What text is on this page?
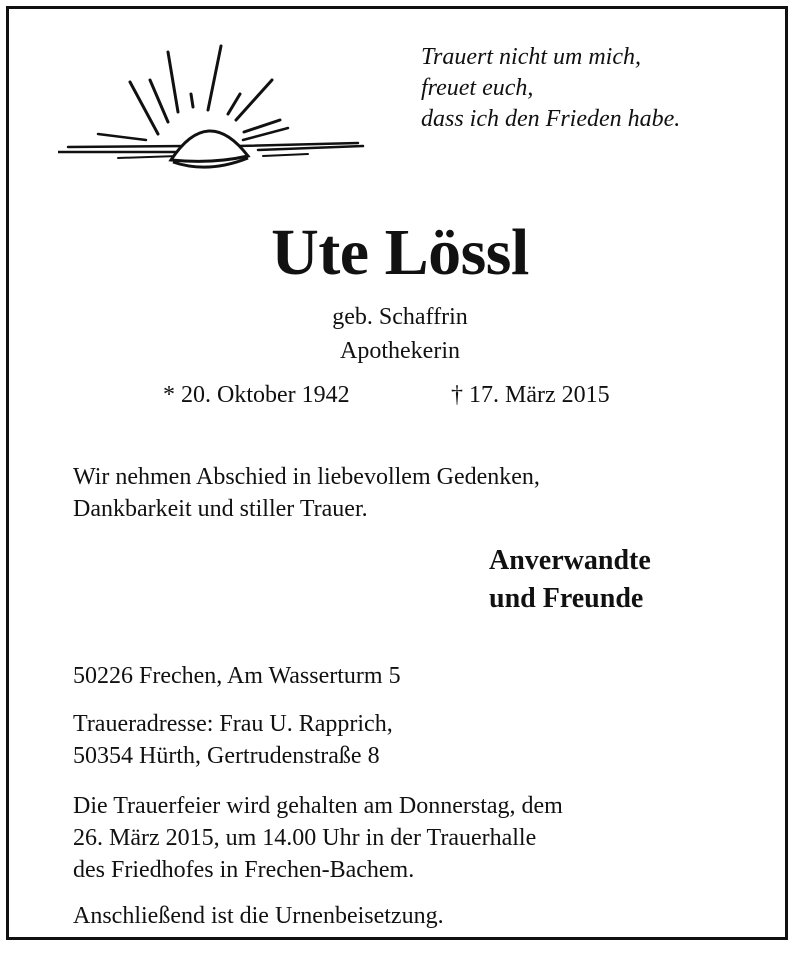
Trauert nicht um mich,
freuet euch,
dass ich den Frieden habe.
Ute Lössl
geb. Schaffrin
Apothekerin
* 20. Oktober 1942	† 17. März 2015
Wir nehmen Abschied in liebevollem Gedenken,
Dankbarkeit und stiller Trauer.
Anverwandte
und Freunde
50226 Frechen, Am Wasserturm 5
Traueradresse: Frau U. Rapprich,
50354 Hürth, Gertrudenstraße 8
Die Trauerfeier wird gehalten am Donnerstag, dem
26. März 2015, um 14.00 Uhr in der Trauerhalle
des Friedhofes in Frechen-Bachem.
Anschließend ist die Urnenbeisetzung.
